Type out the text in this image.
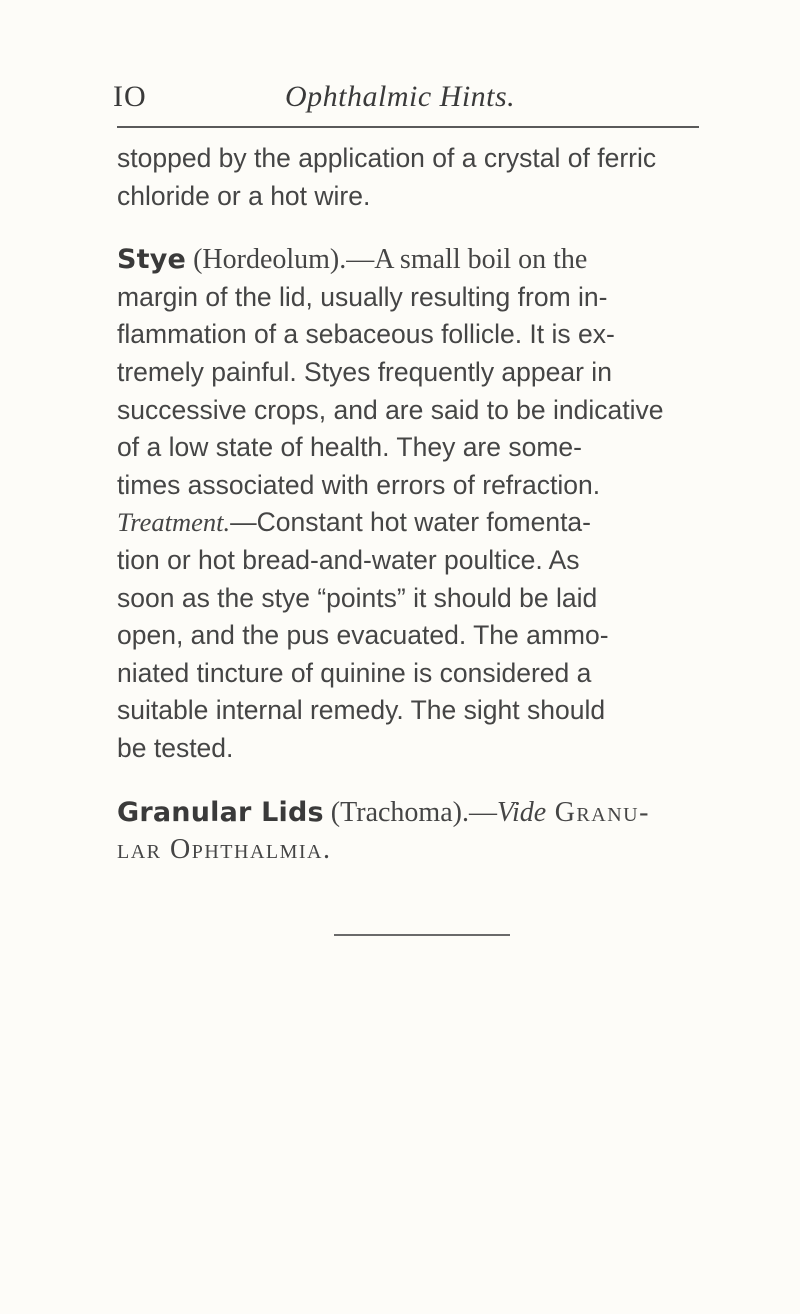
IO	Ophthalmic Hints.
stopped by the application of a crystal of ferric
chloride or a hot wire.
Stye (Hordeolum).—A small boil on the
margin of the lid, usually resulting from in-
flammation of a sebaceous follicle. It is ex-
tremely painful. Styes frequently appear in
successive crops, and are said to be indicative
of a low state of health. They are some-
times associated with errors of refraction.
Treatment.—Constant hot water fomenta-
tion or hot bread-and-water poultice. As
soon as the stye “points” it should be laid
open, and the pus evacuated. The ammo-
niated tincture of quinine is considered a
suitable internal remedy. The sight should
be tested.
Granular Lids (Trachoma).—Vide Granu-
lar Ophthalmia.
